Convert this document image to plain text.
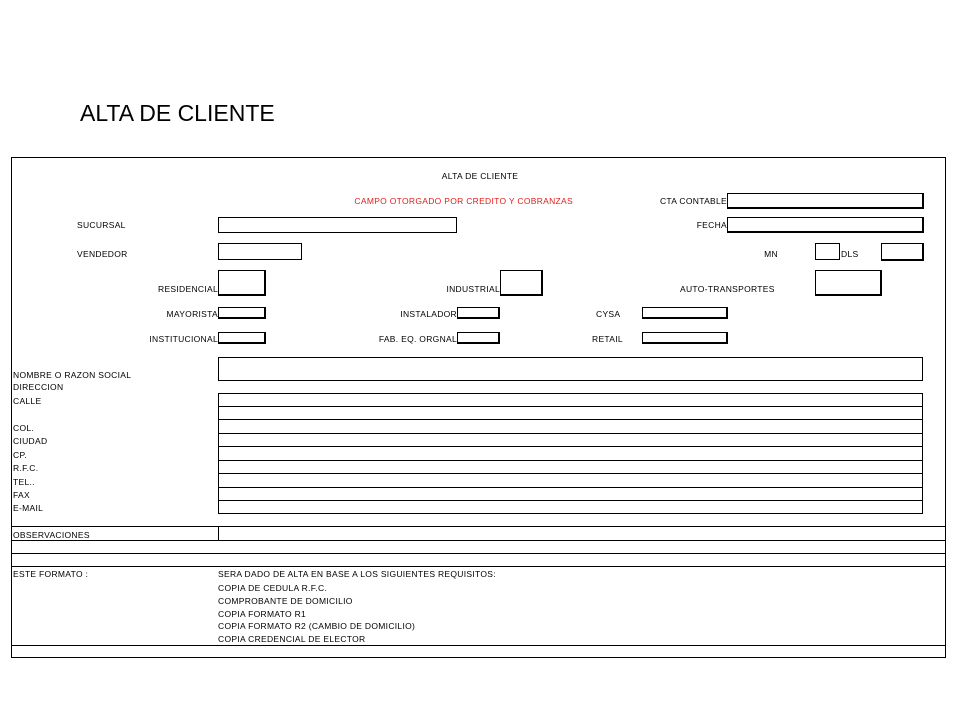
ALTA DE CLIENTE
ALTA DE CLIENTE
CAMPO OTORGADO POR CREDITO Y COBRANZAS	CTA CONTABLE
SUCURSAL	FECHA
VENDEDOR	MN	DLS
RESIDENCIAL	INDUSTRIAL	AUTO-TRANSPORTES
MAYORISTA	INSTALADOR	CYSA
INSTITUCIONAL	FAB. EQ. ORGNAL	RETAIL
NOMBRE O RAZON SOCIAL
DIRECCION
CALLE
COL.
CIUDAD
CP.
R.F.C.
TEL..
FAX
E-MAIL
OBSERVACIONES
ESTE FORMATO :	SERA DADO DE ALTA EN BASE A LOS SIGUIENTES REQUISITOS:
COPIA DE CEDULA R.F.C.
COMPROBANTE DE DOMICILIO
COPIA FORMATO R1
COPIA FORMATO R2 (CAMBIO DE DOMICILIO)
COPIA CREDENCIAL DE ELECTOR
